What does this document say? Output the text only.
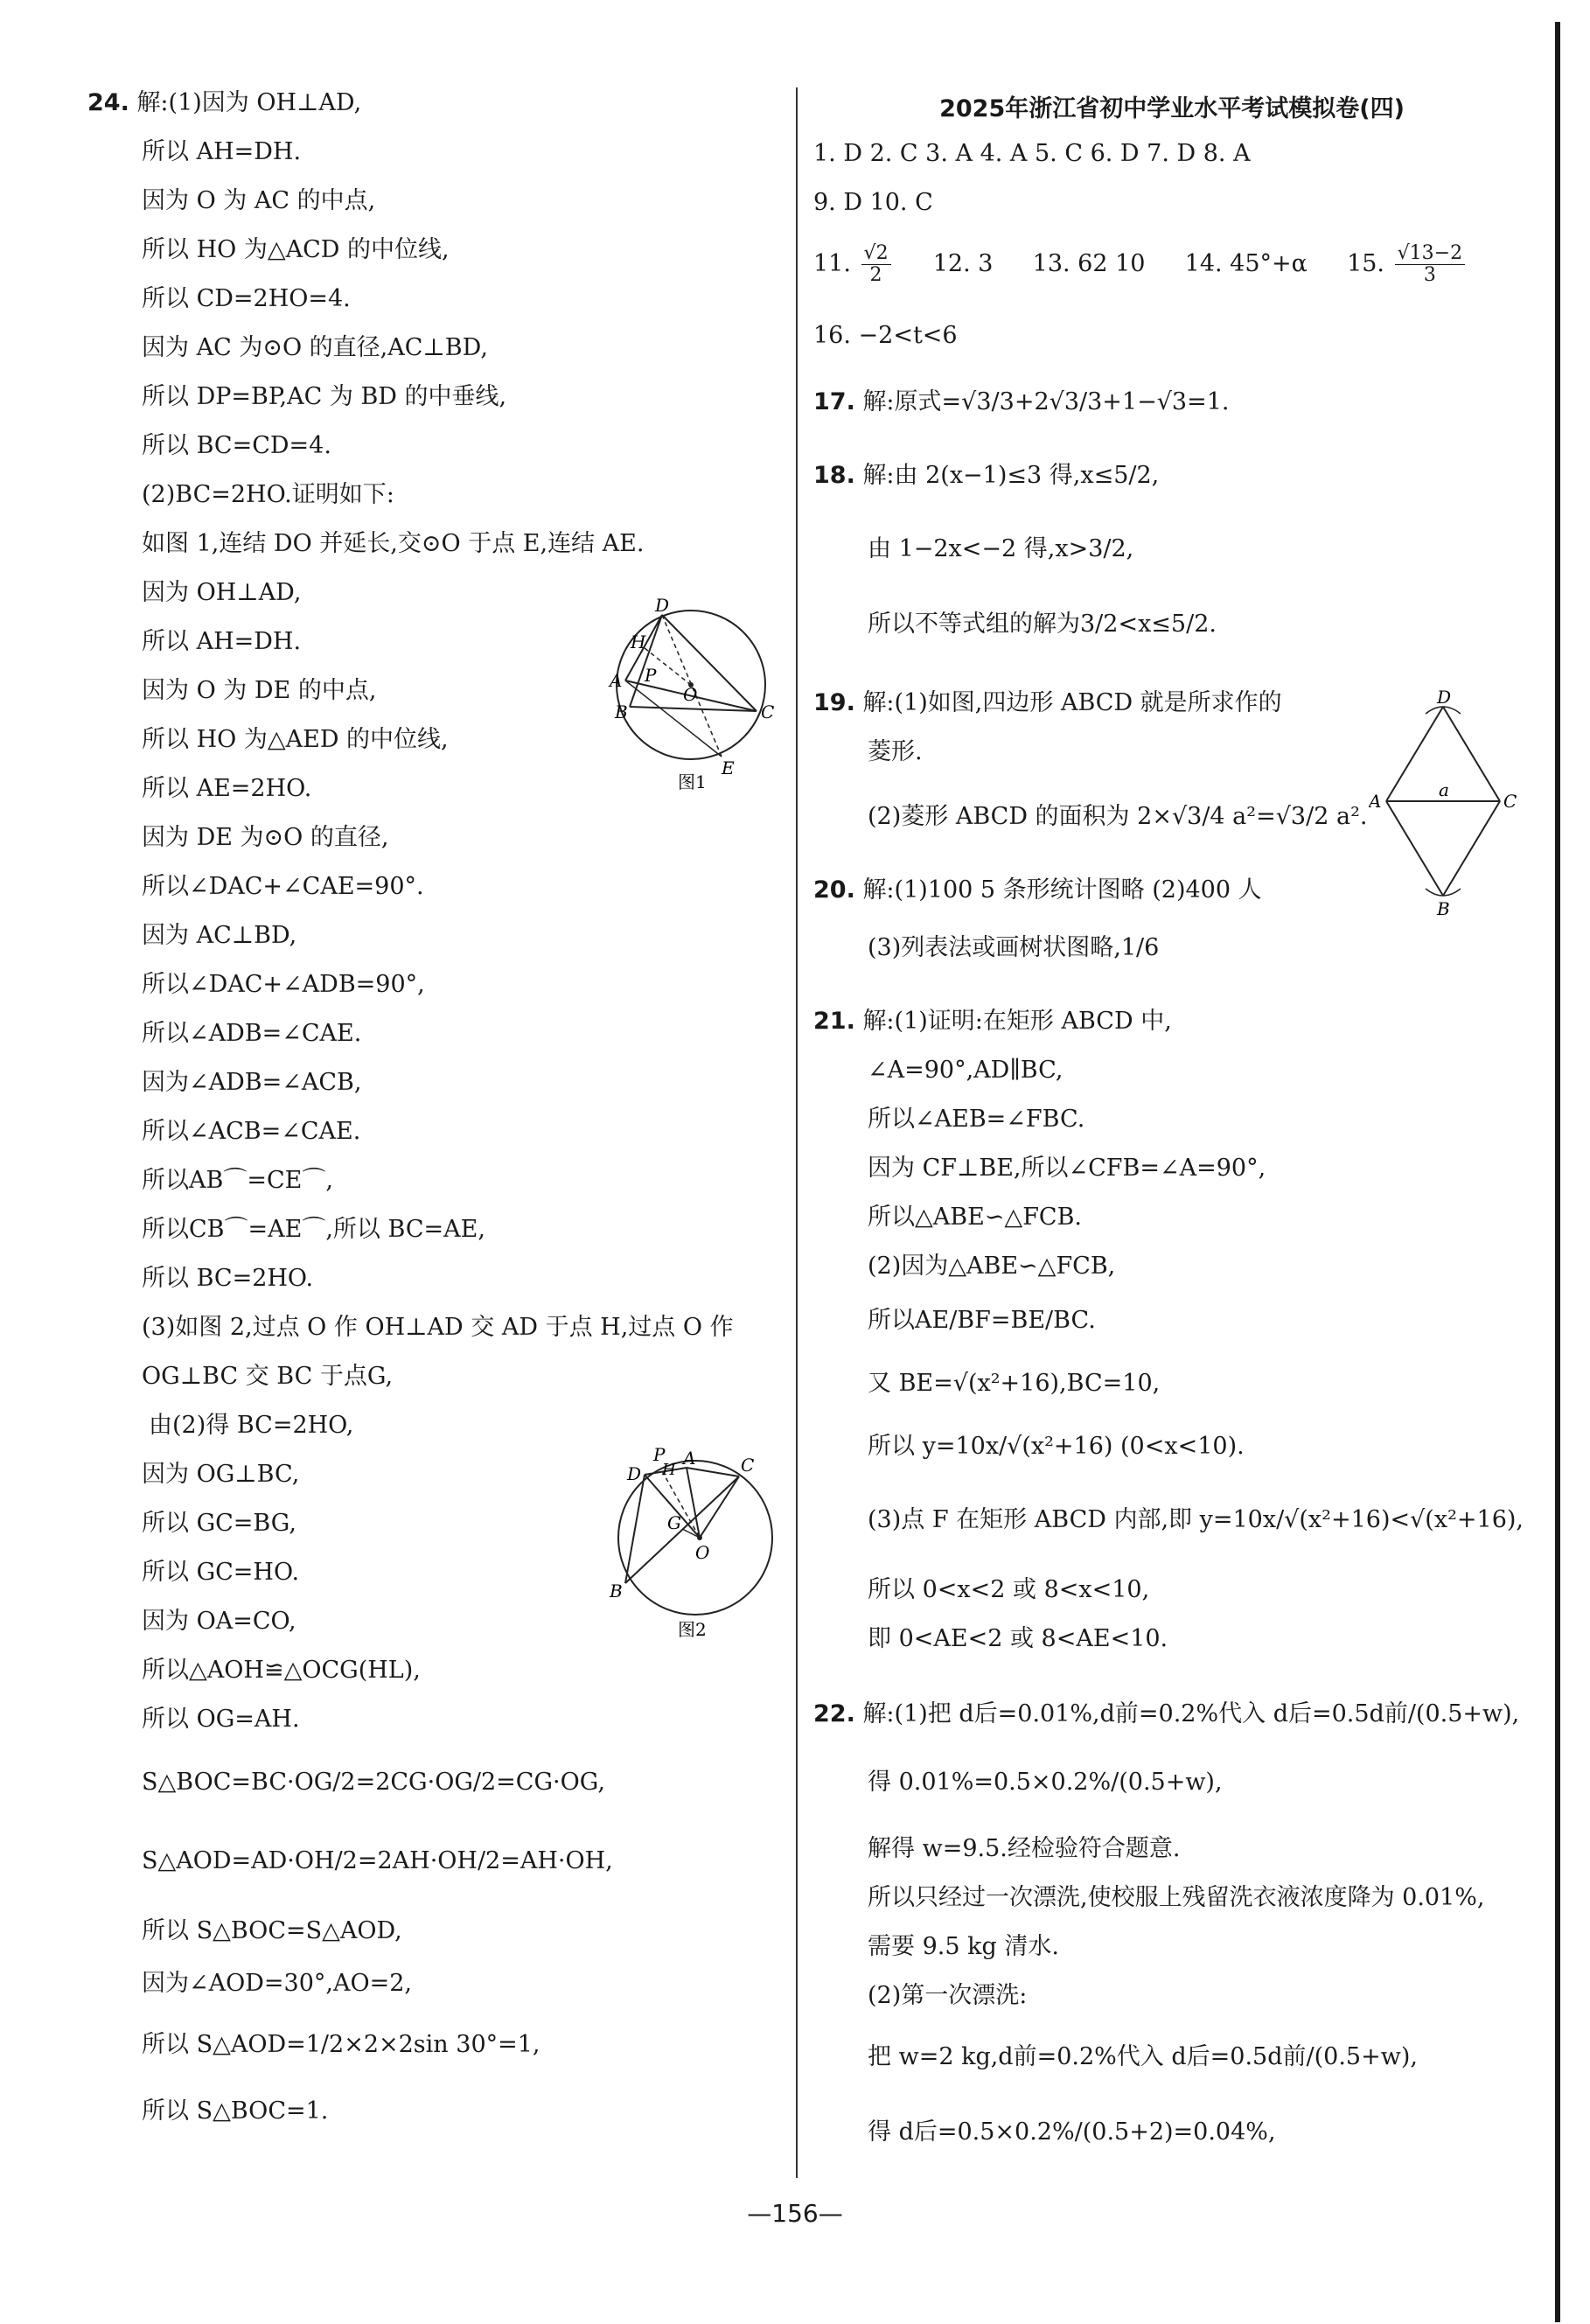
24. 解:(1)因为 OH⊥AD,
所以 AH=DH.
因为 O 为 AC 的中点,
所以 HO 为△ACD 的中位线,
所以 CD=2HO=4.
因为 AC 为⊙O 的直径,AC⊥BD,
所以 DP=BP,AC 为 BD 的中垂线,
所以 BC=CD=4.
(2)BC=2HO.证明如下:
如图 1,连结 DO 并延长,交⊙O 于点 E,连结 AE.
因为 OH⊥AD,
所以 AH=DH.
因为 O 为 DE 的中点,
所以 HO 为△AED 的中位线,
所以 AE=2HO.
因为 DE 为⊙O 的直径,
所以∠DAC+∠CAE=90°.
因为 AC⊥BD,
所以∠DAC+∠ADB=90°,
所以∠ADB=∠CAE.
因为∠ADB=∠ACB,
所以∠ACB=∠CAE.
所以AB⌒=CE⌒,
所以CB⌒=AE⌒,所以 BC=AE,
所以 BC=2HO.
(3)如图 2,过点 O 作 OH⊥AD 交 AD 于点 H,过点 O 作
OG⊥BC 交 BC 于点G,
由(2)得 BC=2HO,
因为 OG⊥BC,
所以 GC=BG,
所以 GC=HO.
因为 OA=CO,
所以△AOH≌△OCG(HL),
所以 OG=AH.
S△BOC=BC·OG/2=2CG·OG/2=CG·OG,
S△AOD=AD·OH/2=2AH·OH/2=AH·OH,
所以 S△BOC=S△AOD,
因为∠AOD=30°,AO=2,
所以 S△AOD=1/2×2×2sin 30°=1,
所以 S△BOC=1.
D
H
A P
O
B	C
E
图1
P
H
A	C
D
G
O
B
图2
2025年浙江省初中学业水平考试模拟卷(四)
1. D 2. C 3. A 4. A 5. C 6. D 7. D 8. A
9. D 10. C
11. $\frac{√2}{2} 12$. 3 13. 62 10 14. 45°+α 15. $\frac{√13-2}{3}$
16. −2<t<6
17. 解:原式=√3/3+2√3/3+1−√3=1.
18. 解:由 2(x−1)≤3 得,x≤5/2,
由 1−2x<−2 得,x>3/2,
所以不等式组的解为3/2<x≤5/2.
19. 解:(1)如图,四边形 ABCD 就是所求作的
菱形.
(2)菱形 ABCD 的面积为 2×√3/4 a²=√3/2 a².
D
A	C
B
a
20. 解:(1)100 5 条形统计图略 (2)400 人
(3)列表法或画树状图略,1/6
21. 解:(1)证明:在矩形 ABCD 中,
∠A=90°,AD∥BC,
所以∠AEB=∠FBC.
因为 CF⊥BE,所以∠CFB=∠A=90°,
所以△ABE∽△FCB.
(2)因为△ABE∽△FCB,
所以AE/BF=BE/BC.
又 BE=√(x²+16),BC=10,
所以 y=10x/√(x²+16) (0<x<10).
(3)点 F 在矩形 ABCD 内部,即 y=10x/√(x²+16)<√(x²+16),
所以 0<x<2 或 8<x<10,
即 0<AE<2 或 8<AE<10.
22. 解:(1)把 d后=0.01%,d前=0.2%代入 d后=0.5d前/(0.5+w),
得 0.01%=0.5×0.2%/(0.5+w),
解得 w=9.5.经检验符合题意.
所以只经过一次漂洗,使校服上残留洗衣液浓度降为 0.01%,
需要 9.5 kg 清水.
(2)第一次漂洗:
把 w=2 kg,d前=0.2%代入 d后=0.5d前/(0.5+w),
得 d后=0.5×0.2%/(0.5+2)=0.04%,
—156—
